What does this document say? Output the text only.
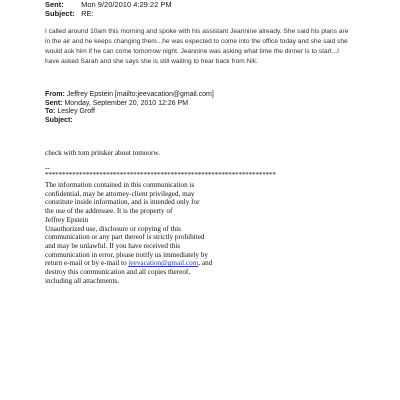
Sent: Mon 9/20/2010 4:29:22 PM
Subject: RE:

I called around 10am this morning and spoke with his assistant Jeannine already. She said his plans are

in the air and he keeps changing them...he was expected to come into the office today and she said she

would ask him if he can come tomorrow night. Jeannine was asking what time the dinner is to start...I

have asked Sarah and she says she is still waiting to hear back from Nili.

From: Jeffrey Epstein [mailto:jeevacation@gmail.com]
Sent: Monday, September 20, 2010 12:26 PM
To: Lesley Groff
Subject:
check with tom pritsker about tomoorw.
--
********************************************************************

The information contained in this communication is

confidential, may be attorney-client privileged, may

constitute inside information, and is intended only for

the use of the addressee. It is the property of

Jeffrey Epstein

Unauthorized use, disclosure or copying of this

communication or any part thereof is strictly prohibited

and may be unlawful. If you have received this

communication in error, please notify us immediately by

return e-mail or by e-mail to jeevacation@gmail.com, and

destroy this communication and all copies thereof,

including all attachments.
